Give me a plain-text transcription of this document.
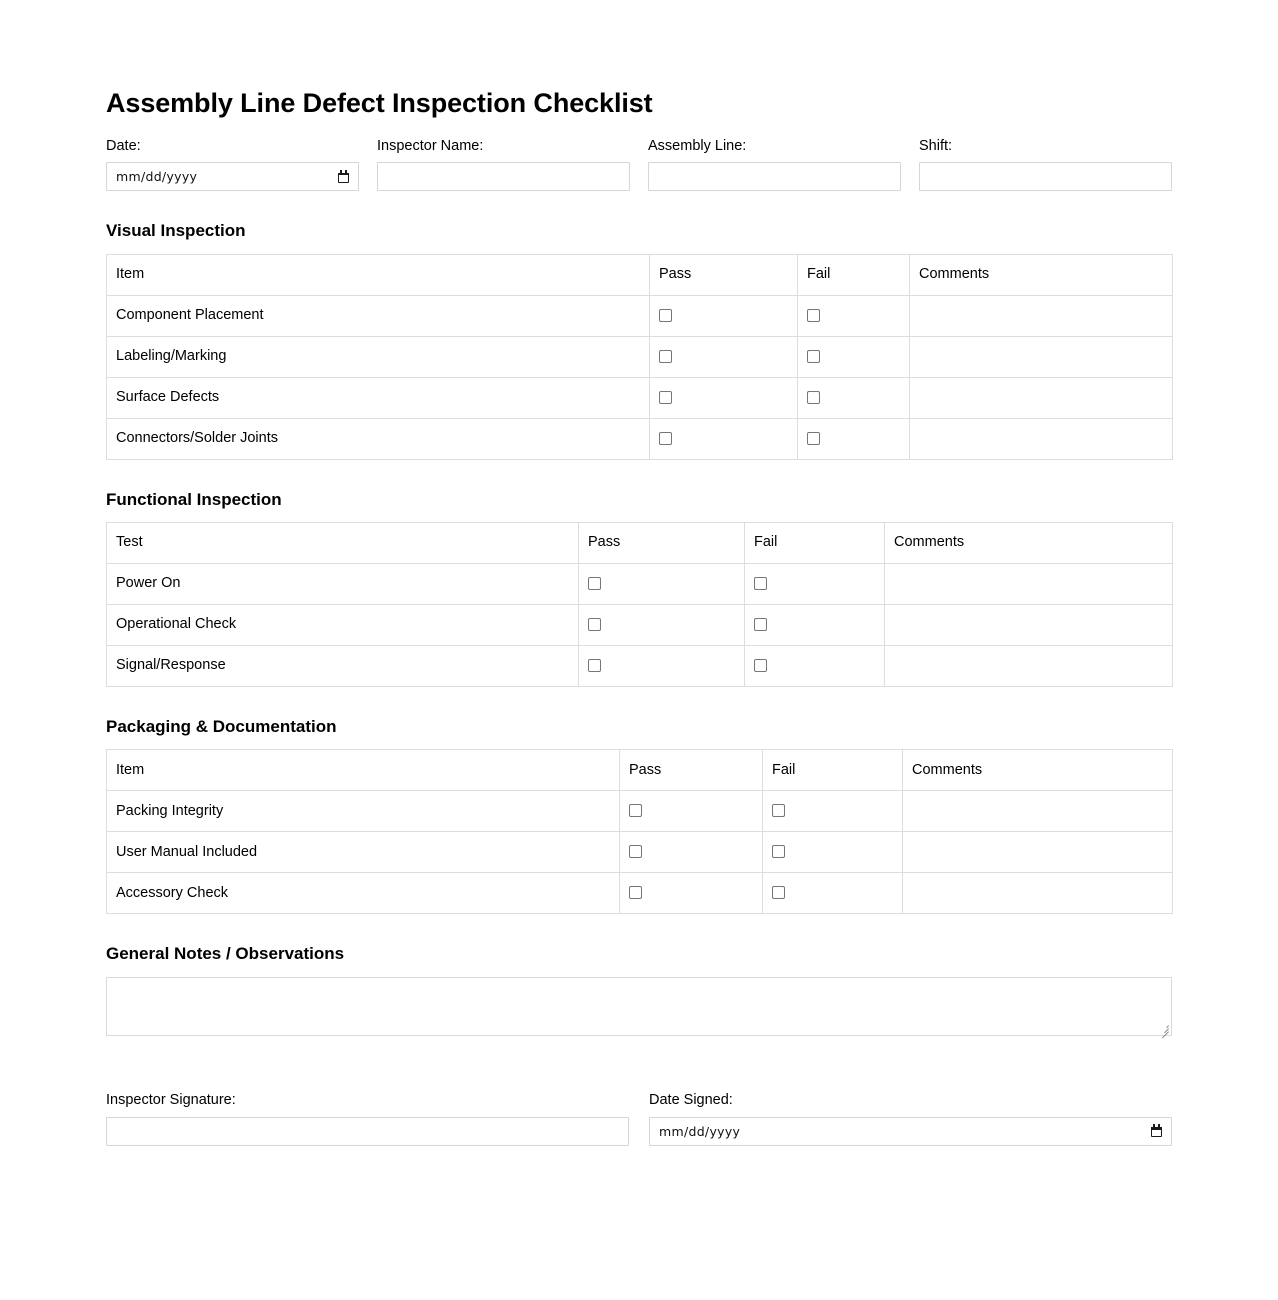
Assembly Line Defect Inspection Checklist
Date:
mm/dd/yyyy
Inspector Name:	Assembly Line:	Shift:
Visual Inspection
Item	Pass	Fail	Comments
Component Placement			
Labeling/Marking			
Surface Defects			
Connectors/Solder Joints			
Functional Inspection
Test	Pass	Fail	Comments
Power On			
Operational Check			
Signal/Response			
Packaging & Documentation
Item	Pass	Fail	Comments
Packing Integrity			
User Manual Included			
Accessory Check			
General Notes / Observations
Inspector Signature:	Date Signed:
mm/dd/yyyy
